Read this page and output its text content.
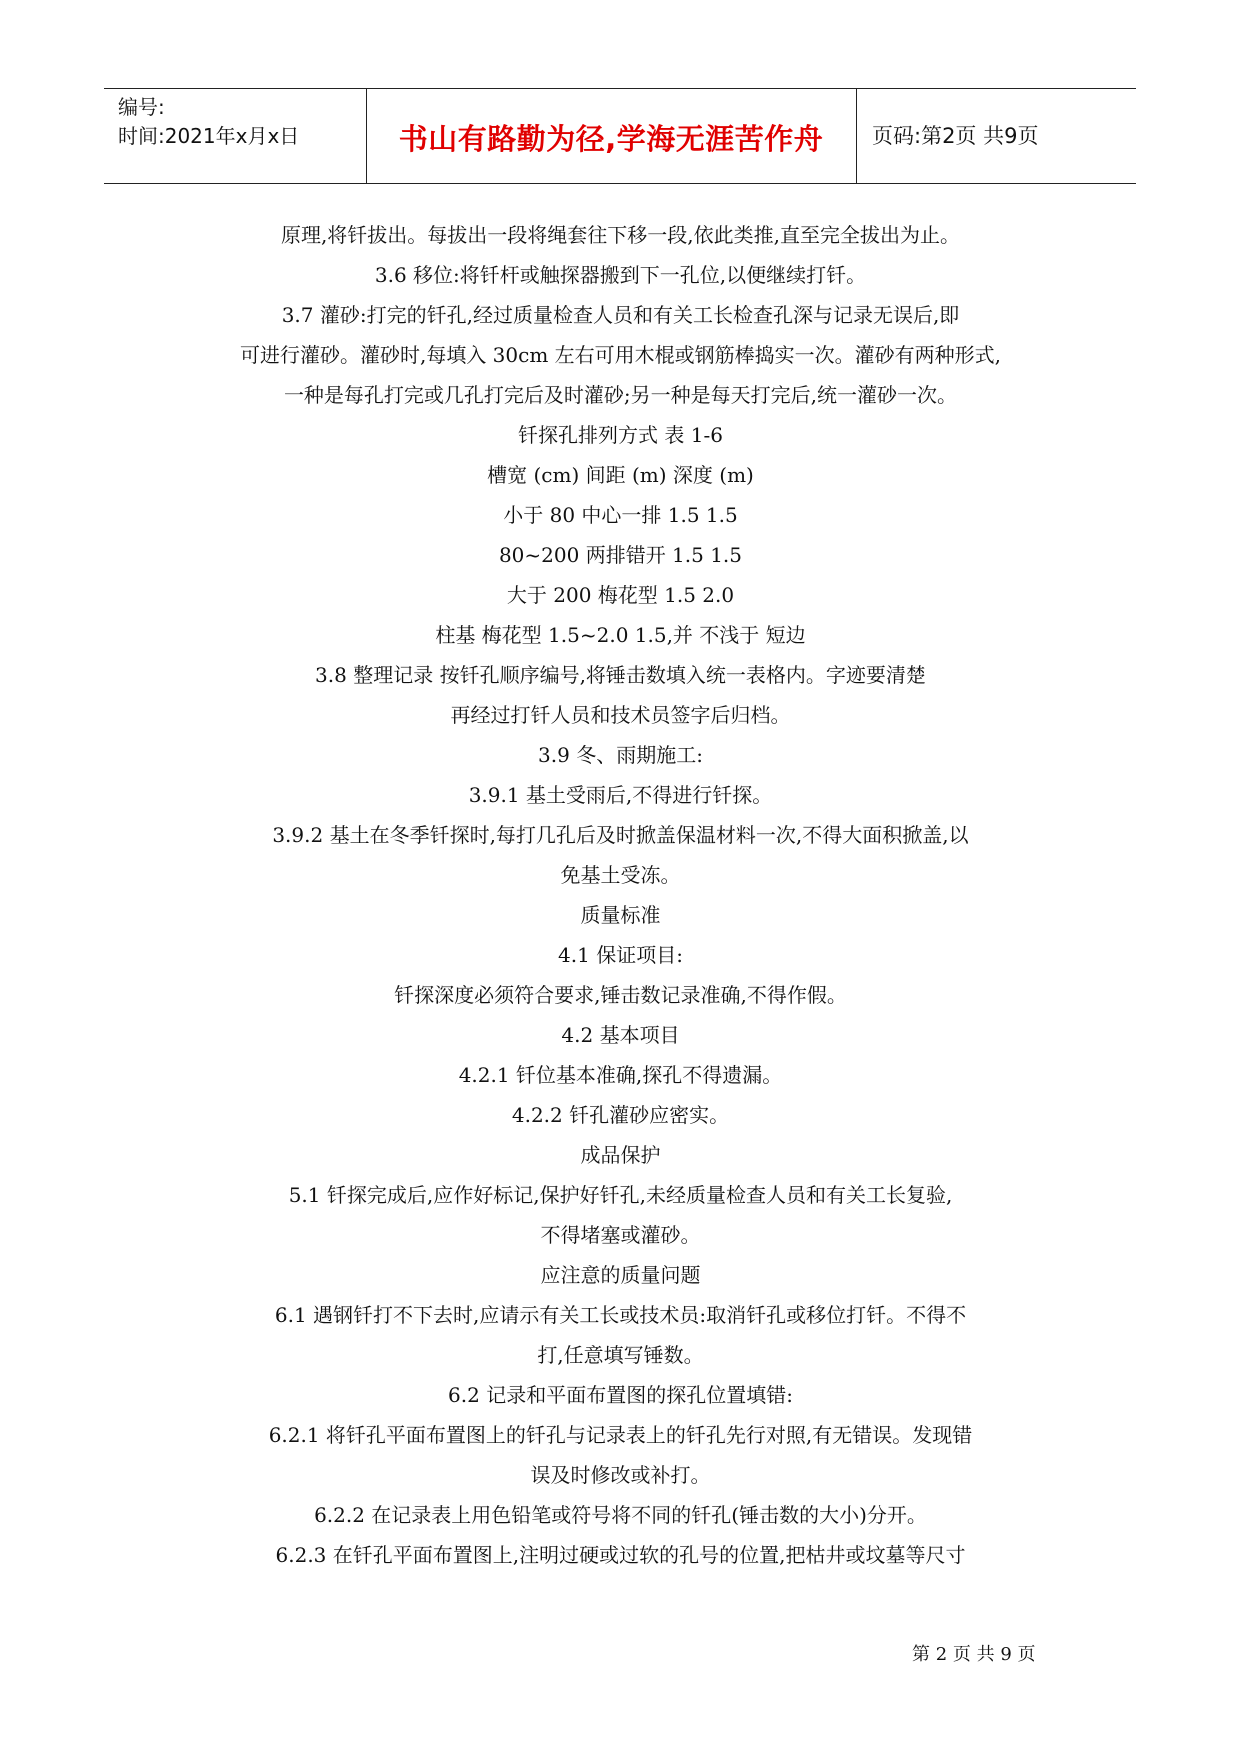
编号:
时间:2021年x月x日	书山有路勤为径,学海无涯苦作舟	页码:第2页 共9页
原理,将钎拔出。每拔出一段将绳套往下移一段,依此类推,直至完全拔出为止。
3.6 移位:将钎杆或触探器搬到下一孔位,以便继续打钎。
3.7 灌砂:打完的钎孔,经过质量检查人员和有关工长检查孔深与记录无误后,即
可进行灌砂。灌砂时,每填入 30cm 左右可用木棍或钢筋棒捣实一次。灌砂有两种形式,
一种是每孔打完或几孔打完后及时灌砂;另一种是每天打完后,统一灌砂一次。
钎探孔排列方式 表 1-6
槽宽 (cm) 间距 (m) 深度 (m)
小于 80 中心一排 1.5 1.5
80~200 两排错开 1.5 1.5
大于 200 梅花型 1.5 2.0
柱基 梅花型 1.5~2.0 1.5,并 不浅于 短边
3.8 整理记录 按钎孔顺序编号,将锤击数填入统一表格内。字迹要清楚
再经过打钎人员和技术员签字后归档。
3.9 冬、雨期施工:
3.9.1 基土受雨后,不得进行钎探。
3.9.2 基土在冬季钎探时,每打几孔后及时掀盖保温材料一次,不得大面积掀盖,以
免基土受冻。
质量标准
4.1 保证项目:
钎探深度必须符合要求,锤击数记录准确,不得作假。
4.2 基本项目
4.2.1 钎位基本准确,探孔不得遗漏。
4.2.2 钎孔灌砂应密实。
成品保护
5.1 钎探完成后,应作好标记,保护好钎孔,未经质量检查人员和有关工长复验,
不得堵塞或灌砂。
应注意的质量问题
6.1 遇钢钎打不下去时,应请示有关工长或技术员:取消钎孔或移位打钎。不得不
打,任意填写锤数。
6.2 记录和平面布置图的探孔位置填错:
6.2.1 将钎孔平面布置图上的钎孔与记录表上的钎孔先行对照,有无错误。发现错
误及时修改或补打。
6.2.2 在记录表上用色铅笔或符号将不同的钎孔(锤击数的大小)分开。
6.2.3 在钎孔平面布置图上,注明过硬或过软的孔号的位置,把枯井或坟墓等尺寸
第 2 页 共 9 页
